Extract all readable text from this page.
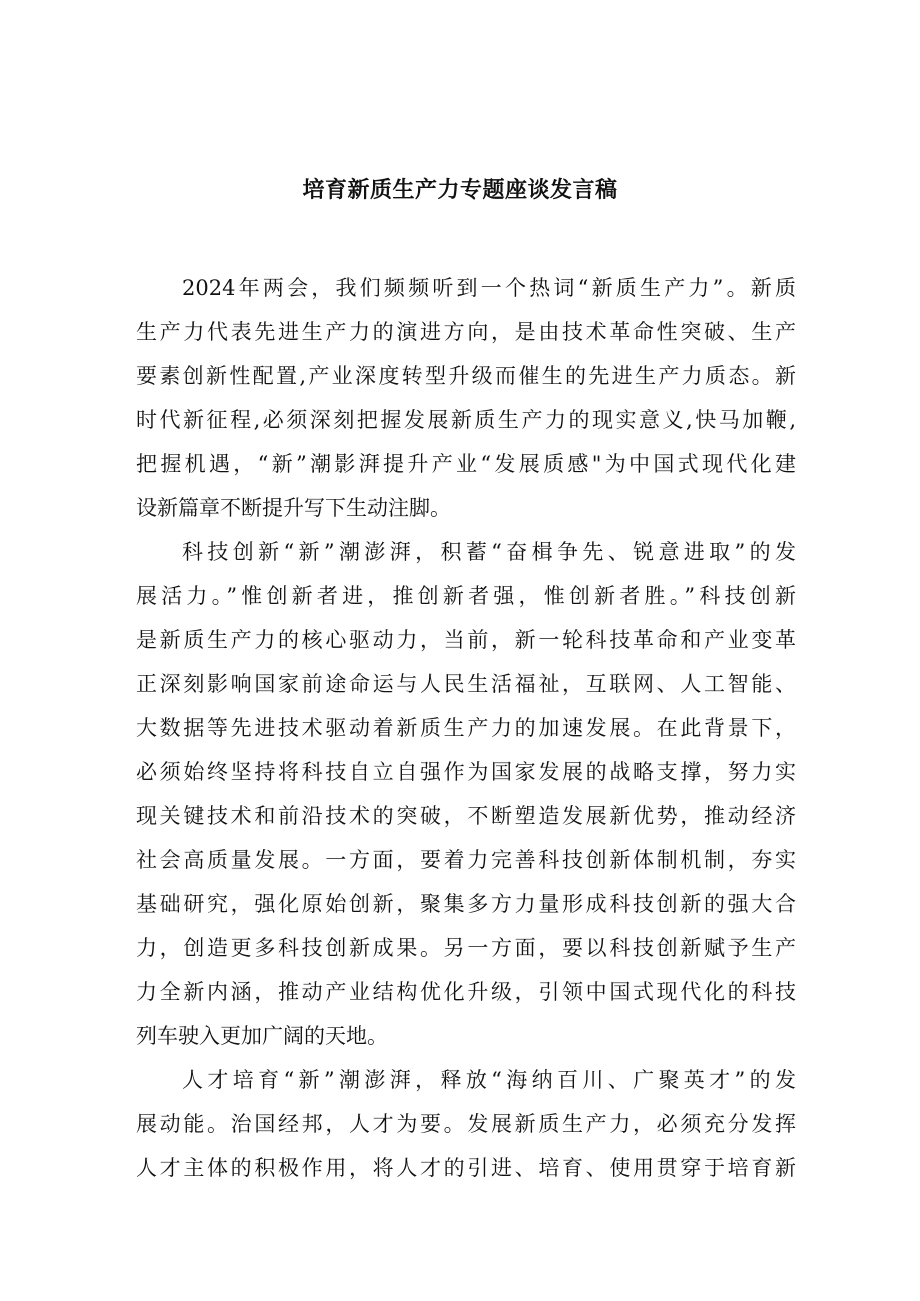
培育新质生产力专题座谈发言稿
2024年两会，我们频频听到一个热词“新质生产力”。新质
生产力代表先进生产力的演进方向，是由技术革命性突破、生产
要素创新性配置,产业深度转型升级而催生的先进生产力质态。新
时代新征程,必须深刻把握发展新质生产力的现实意义,快马加鞭,
把握机遇，“新”潮影湃提升产业“发展质感"为中国式现代化建
设新篇章不断提升写下生动注脚。
科技创新“新”潮澎湃，积蓄“奋楫争先、锐意进取”的发
展活力。”惟创新者进，推创新者强，惟创新者胜。”科技创新
是新质生产力的核心驱动力，当前，新一轮科技革命和产业变革
正深刻影响国家前途命运与人民生活福祉，互联网、人工智能、
大数据等先进技术驱动着新质生产力的加速发展。在此背景下，
必须始终坚持将科技自立自强作为国家发展的战略支撑，努力实
现关键技术和前沿技术的突破，不断塑造发展新优势，推动经济
社会高质量发展。一方面，要着力完善科技创新体制机制，夯实
基础研究，强化原始创新，聚集多方力量形成科技创新的强大合
力，创造更多科技创新成果。另一方面，要以科技创新赋予生产
力全新内涵，推动产业结构优化升级，引领中国式现代化的科技
列车驶入更加广阔的天地。
人才培育“新”潮澎湃，释放“海纳百川、广聚英才”的发
展动能。治国经邦，人才为要。发展新质生产力，必须充分发挥
人才主体的积极作用，将人才的引进、培育、使用贯穿于培育新
